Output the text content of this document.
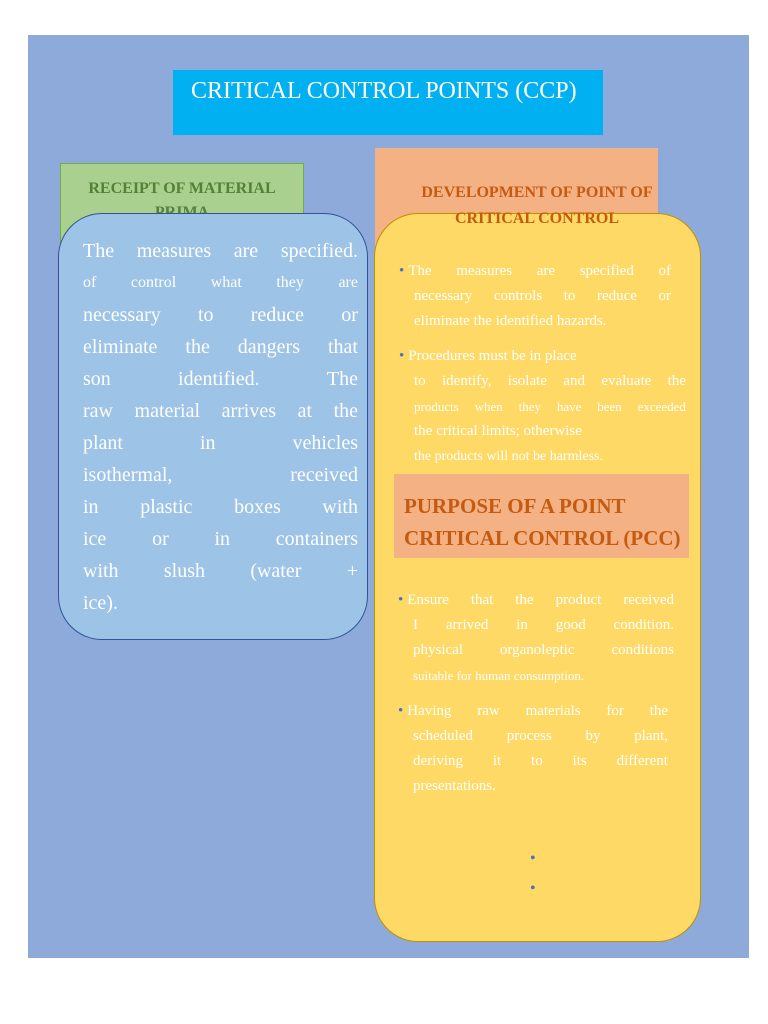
CRITICAL CONTROL POINTS (CCP)
RECEIPT OF MATERIAL
The measures are specified.
of control what they are
necessary to reduce or
eliminate the dangers that
son	identified.	The
raw material arrives at the
plant	in	vehicles
isothermal,	received
in plastic boxes with
ice or in containers
with slush (water +
ice).
DEVELOPMENT OF POINT OF
CRITICAL CONTROL
• The measures are specified of
necessary controls to reduce or
eliminate the identified hazards.
• Procedures must be in place
to identify, isolate and evaluate the
products when they have been exceeded
the critical limits; otherwise
the products will not be harmless.
• Ensure that the product received
I arrived in good condition.
physical organoleptic conditions
suitable for human consumption.
• Having raw materials for the
scheduled process by plant,
deriving it to its different
presentations.
PURPOSE OF A POINT
CRITICAL CONTROL (PCC)
•
•
